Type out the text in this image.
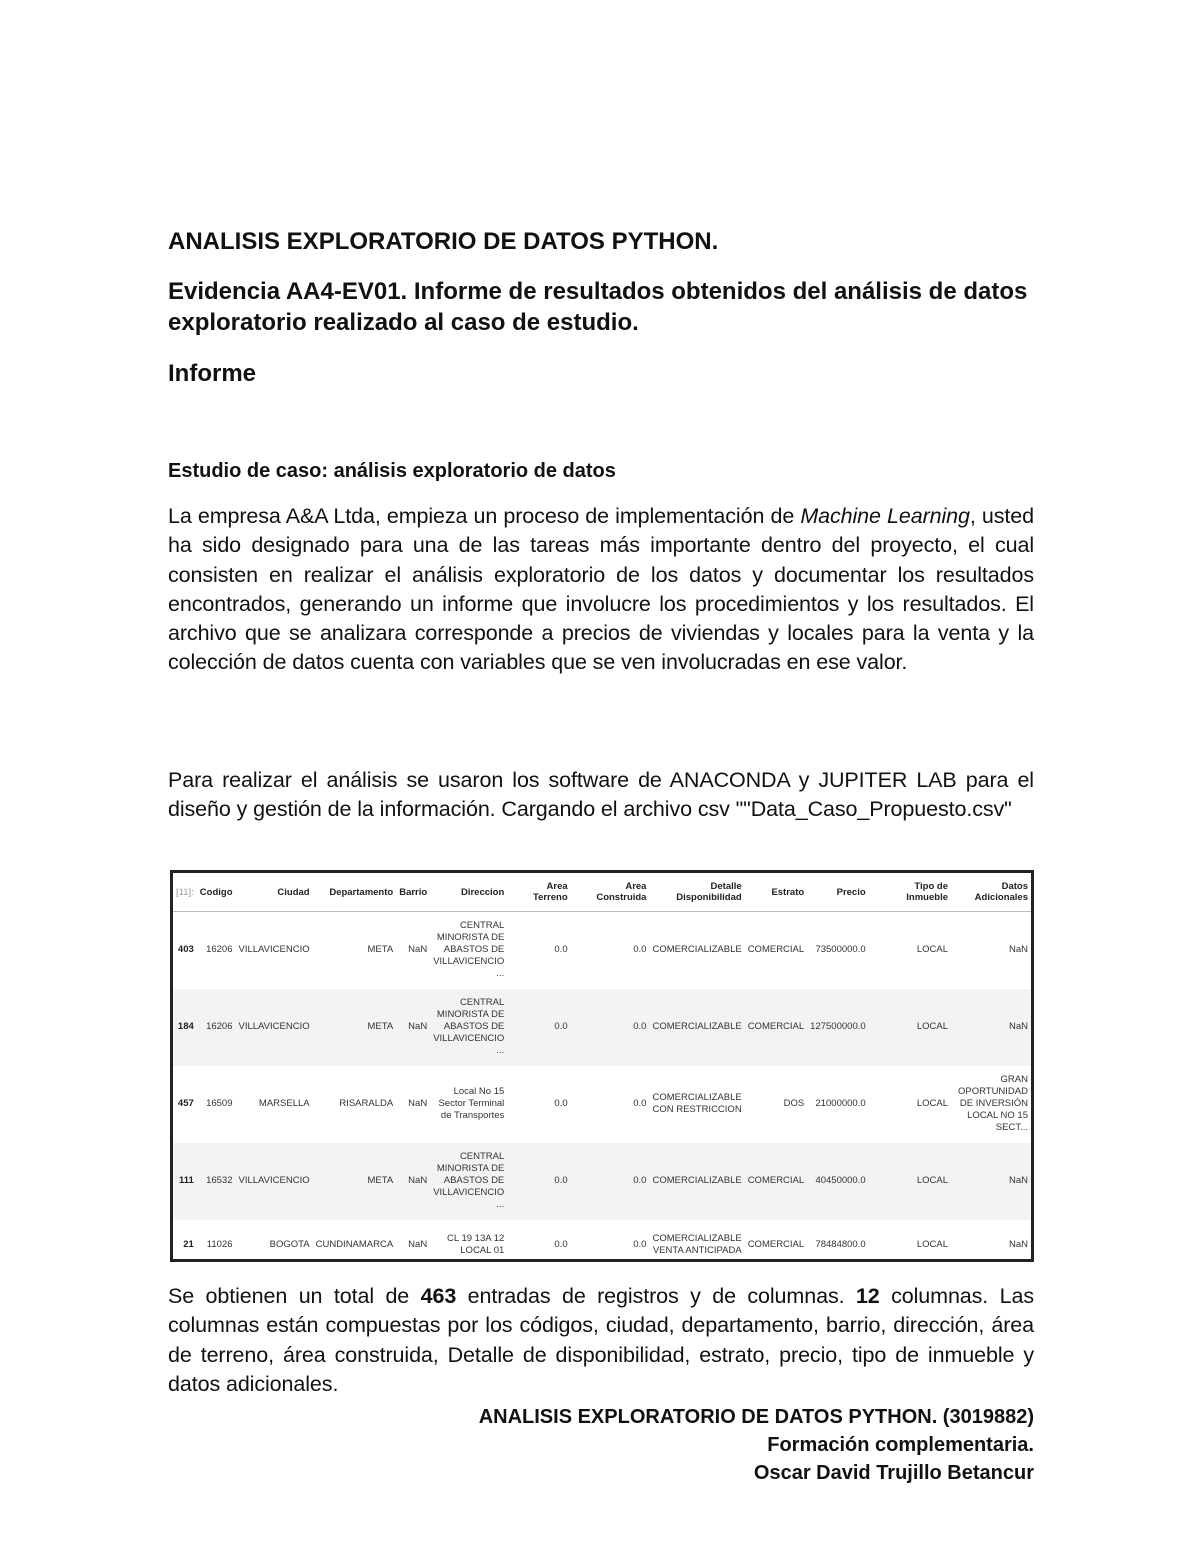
ANALISIS EXPLORATORIO DE DATOS PYTHON.
Evidencia AA4-EV01. Informe de resultados obtenidos del análisis de datos exploratorio realizado al caso de estudio.
Informe
Estudio de caso: análisis exploratorio de datos

La empresa A&A Ltda, empieza un proceso de implementación de Machine Learning, usted ha sido designado para una de las tareas más importante dentro del proyecto, el cual consisten en realizar el análisis exploratorio de los datos y documentar los resultados encontrados, generando un informe que involucre los procedimientos y los resultados. El archivo que se analizara corresponde a precios de viviendas y locales para la venta y la colección de datos cuenta con variables que se ven involucradas en ese valor.

Para realizar el análisis se usaron los software de ANACONDA y JUPITER LAB para el diseño y gestión de la información. Cargando el archivo csv ""Data_Caso_Propuesto.csv"

[11]:	Codigo	Ciudad	Departamento	Barrio	Direccion	Area Terreno	Area Construida	Detalle Disponibilidad	Estrato	Precio	Tipo de Inmueble	Datos Adicionales
403	16206	VILLAVICENCIO	META	NaN	CENTRAL MINORISTA DE ABASTOS DE VILLAVICENCIO ...	0.0	0.0	COMERCIALIZABLE	COMERCIAL	73500000.0	LOCAL	NaN
184	16206	VILLAVICENCIO	META	NaN	CENTRAL MINORISTA DE ABASTOS DE VILLAVICENCIO ...	0.0	0.0	COMERCIALIZABLE	COMERCIAL	127500000.0	LOCAL	NaN
457	16509	MARSELLA	RISARALDA	NaN	Local No 15 Sector Terminal de Transportes	0.0	0.0	COMERCIALIZABLE CON RESTRICCION	DOS	21000000.0	LOCAL	GRAN OPORTUNIDAD DE INVERSIÓN LOCAL NO 15 SECT...
111	16532	VILLAVICENCIO	META	NaN	CENTRAL MINORISTA DE ABASTOS DE VILLAVICENCIO ...	0.0	0.0	COMERCIALIZABLE	COMERCIAL	40450000.0	LOCAL	NaN
21	11026	BOGOTA	CUNDINAMARCA	NaN	CL 19 13A 12 LOCAL 01	0.0	0.0	COMERCIALIZABLE VENTA ANTICIPADA	COMERCIAL	78484800.0	LOCAL	NaN

Se obtienen un total de 463 entradas de registros y de columnas. 12 columnas. Las columnas están compuestas por los códigos, ciudad, departamento, barrio, dirección, área de terreno, área construida, Detalle de disponibilidad, estrato, precio, tipo de inmueble y datos adicionales.

ANALISIS EXPLORATORIO DE DATOS PYTHON. (3019882)

Formación complementaria.

Oscar David Trujillo Betancur
